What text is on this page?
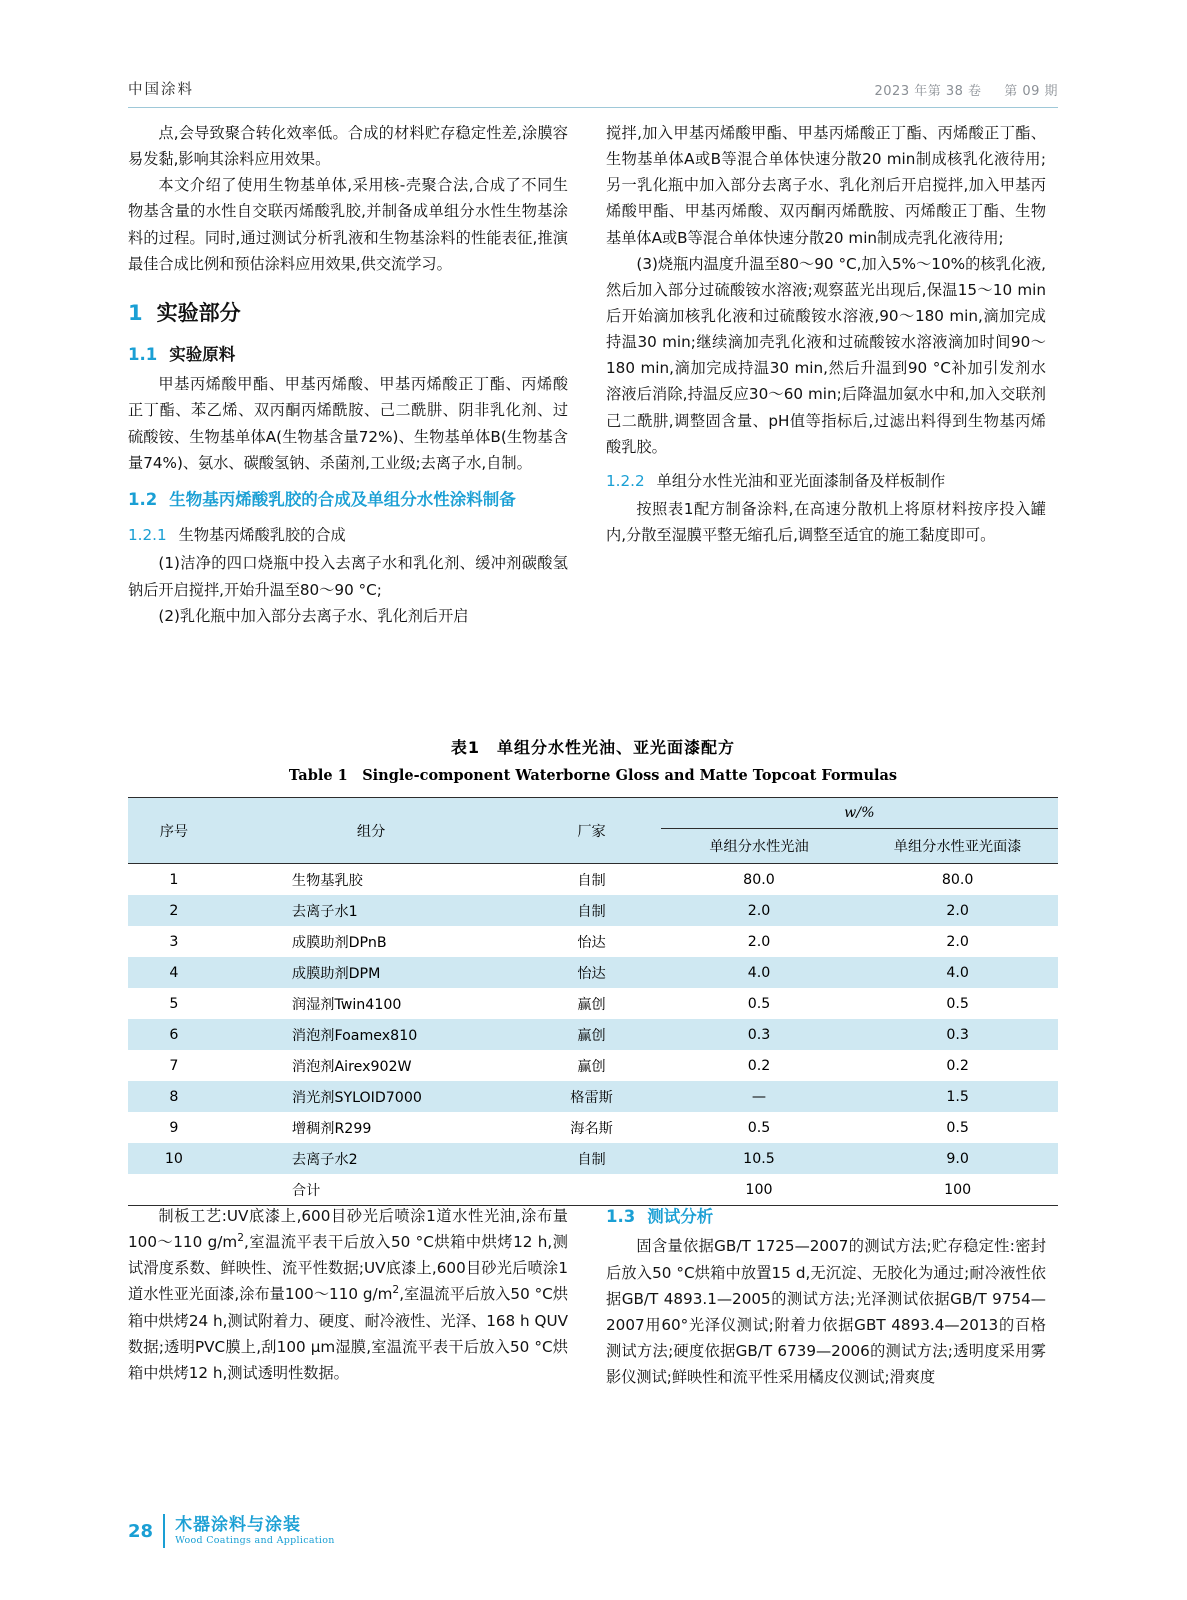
中国涂料	2023 年第 38 卷 第 09 期

点,会导致聚合转化效率低。合成的材料贮存稳定性差,涂膜容易发黏,影响其涂料应用效果。

本文介绍了使用生物基单体,采用核-壳聚合法,合成了不同生物基含量的水性自交联丙烯酸乳胶,并制备成单组分水性生物基涂料的过程。同时,通过测试分析乳液和生物基涂料的性能表征,推演最佳合成比例和预估涂料应用效果,供交流学习。

1 实验部分
1.1 实验原料

甲基丙烯酸甲酯、甲基丙烯酸、甲基丙烯酸正丁酯、丙烯酸正丁酯、苯乙烯、双丙酮丙烯酰胺、己二酰肼、阴非乳化剂、过硫酸铵、生物基单体A(生物基含量72%)、生物基单体B(生物基含量74%)、氨水、碳酸氢钠、杀菌剂,工业级;去离子水,自制。

1.2 生物基丙烯酸乳胶的合成及单组分水性涂料制备
1.2.1 生物基丙烯酸乳胶的合成

(1)洁净的四口烧瓶中投入去离子水和乳化剂、缓冲剂碳酸氢钠后开启搅拌,开始升温至80～90 °C;

(2)乳化瓶中加入部分去离子水、乳化剂后开启

搅拌,加入甲基丙烯酸甲酯、甲基丙烯酸正丁酯、丙烯酸正丁酯、生物基单体A或B等混合单体快速分散20 min制成核乳化液待用;另一乳化瓶中加入部分去离子水、乳化剂后开启搅拌,加入甲基丙烯酸甲酯、甲基丙烯酸、双丙酮丙烯酰胺、丙烯酸正丁酯、生物基单体A或B等混合单体快速分散20 min制成壳乳化液待用;

(3)烧瓶内温度升温至80～90 °C,加入5%～10%的核乳化液,然后加入部分过硫酸铵水溶液;观察蓝光出现后,保温15～10 min后开始滴加核乳化液和过硫酸铵水溶液,90～180 min,滴加完成持温30 min;继续滴加壳乳化液和过硫酸铵水溶液滴加时间90～180 min,滴加完成持温30 min,然后升温到90 °C补加引发剂水溶液后消除,持温反应30～60 min;后降温加氨水中和,加入交联剂己二酰肼,调整固含量、pH值等指标后,过滤出料得到生物基丙烯酸乳胶。

1.2.2 单组分水性光油和亚光面漆制备及样板制作

按照表1配方制备涂料,在高速分散机上将原材料按序投入罐内,分散至湿膜平整无缩孔后,调整至适宜的施工黏度即可。

表1　单组分水性光油、亚光面漆配方
Table 1　Single-component Waterborne Gloss and Matte Topcoat Formulas
序号	组分	厂家	w/%	
			单组分水性光油	单组分水性亚光面漆
1	生物基乳胶	自制	80.0	80.0
2	去离子水1	自制	2.0	2.0
3	成膜助剂DPnB	怡达	2.0	2.0
4	成膜助剂DPM	怡达	4.0	4.0
5	润湿剂Twin4100	赢创	0.5	0.5
6	消泡剂Foamex810	赢创	0.3	0.3
7	消泡剂Airex902W	赢创	0.2	0.2
8	消光剂SYLOID7000	格雷斯	—	1.5
9	增稠剂R299	海名斯	0.5	0.5
10	去离子水2	自制	10.5	9.0
	合计		100	100

制板工艺:UV底漆上,600目砂光后喷涂1道水性光油,涂布量100～110 $g/m^2$,室温流平表干后放入50 °C烘箱中烘烤12 h,测试滑度系数、鲜映性、流平性数据;UV底漆上,600目砂光后喷涂1道水性亚光面漆,涂布量100～110 $g/m^2$,室温流平后放入50 °C烘箱中烘烤24 h,测试附着力、硬度、耐冷液性、光泽、168 h QUV数据;透明PVC膜上,刮100 μm湿膜,室温流平表干后放入50 °C烘箱中烘烤12 h,测试透明性数据。

1.3 测试分析

固含量依据GB/T 1725—2007的测试方法;贮存稳定性:密封后放入50 °C烘箱中放置15 d,无沉淀、无胶化为通过;耐冷液性依据GB/T 4893.1—2005的测试方法;光泽测试依据GB/T 9754—2007用60°光泽仪测试;附着力依据GBT 4893.4—2013的百格测试方法;硬度依据GB/T 6739—2006的测试方法;透明度采用雾影仪测试;鲜映性和流平性采用橘皮仪测试;滑爽度

28 木器涂料与涂装
Wood Coatings and Application
